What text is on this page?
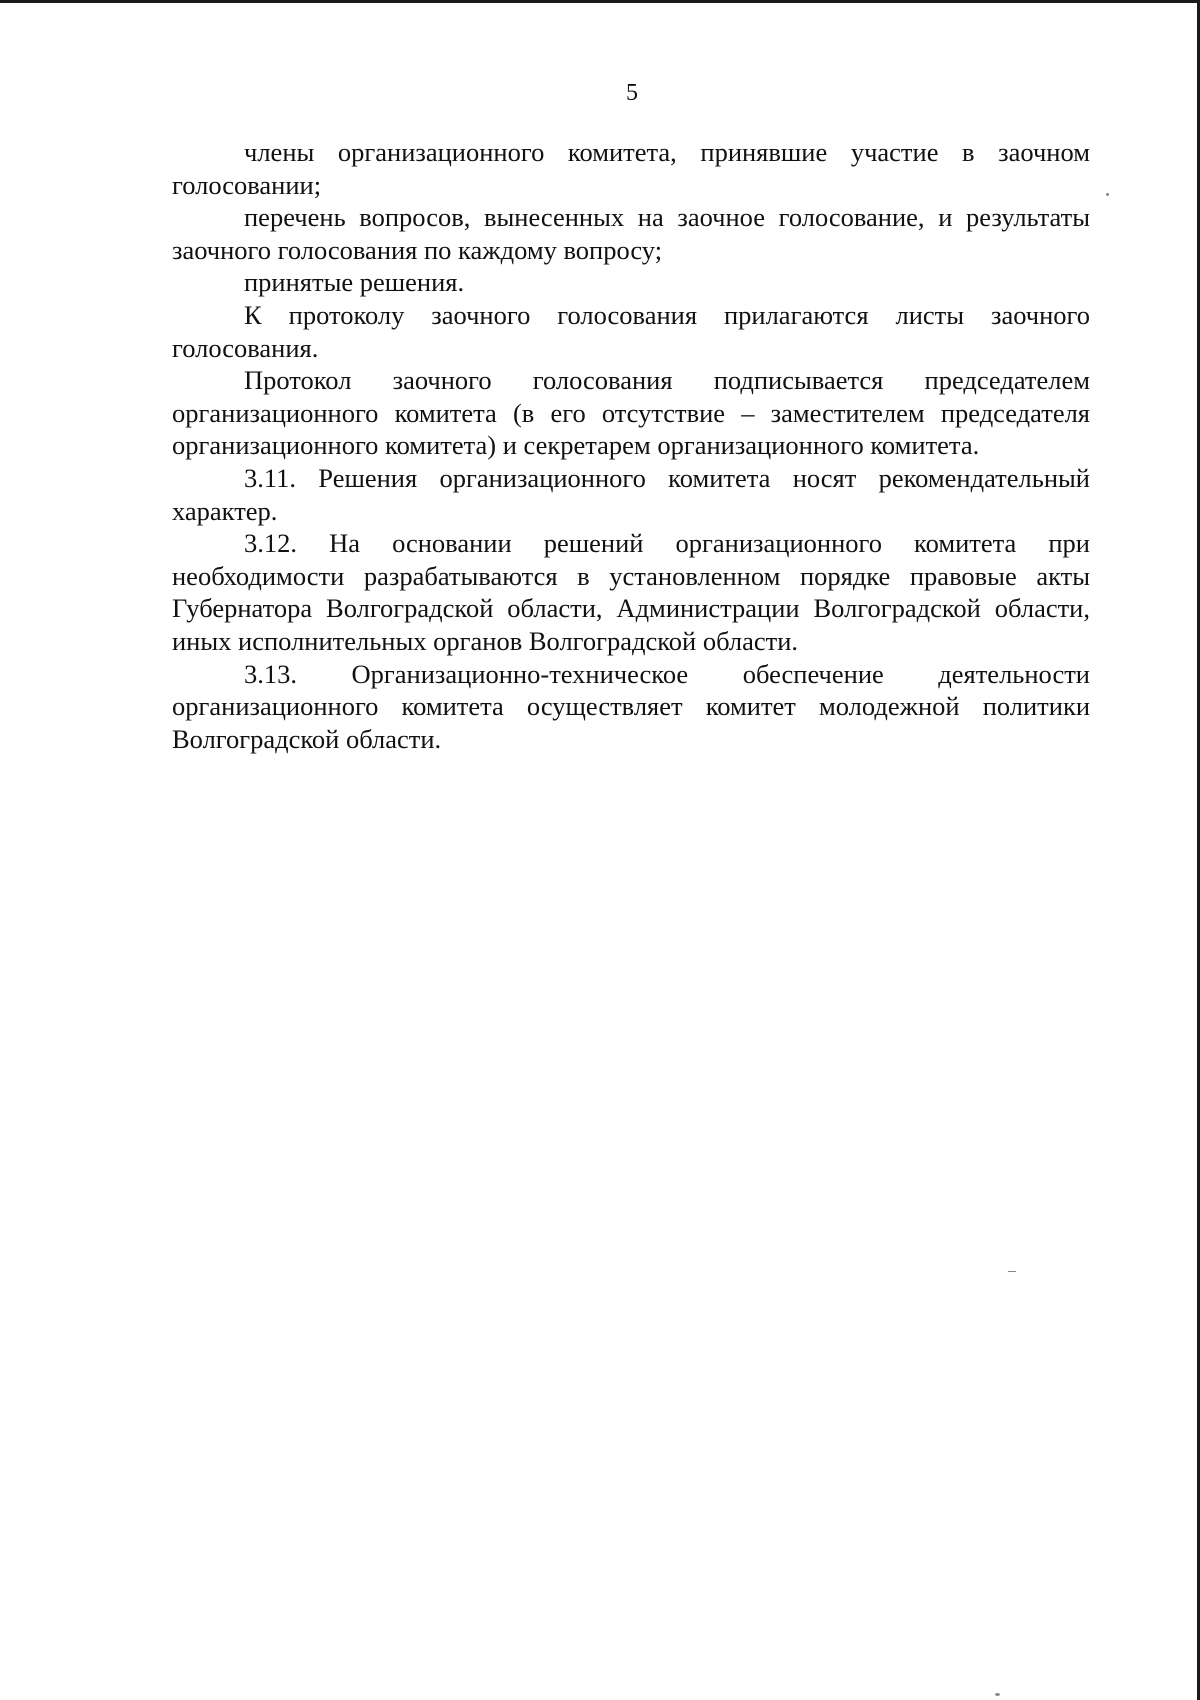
5

члены организационного комитета, принявшие участие в заочном голосовании;

перечень вопросов, вынесенных на заочное голосование, и результаты заочного голосования по каждому вопросу;

принятые решения.

К протоколу заочного голосования прилагаются листы заочного голосования.

Протокол заочного голосования подписывается председателем организационного комитета (в его отсутствие – заместителем председателя организационного комитета) и секретарем организационного комитета.

3.11. Решения организационного комитета носят рекомендательный характер.

3.12. На основании решений организационного комитета при необходимости разрабатываются в установленном порядке правовые акты Губернатора Волгоградской области, Администрации Волгоградской области, иных исполнительных органов Волгоградской области.

3.13. Организационно-техническое обеспечение деятельности организационного комитета осуществляет комитет молодежной политики Волгоградской области.
